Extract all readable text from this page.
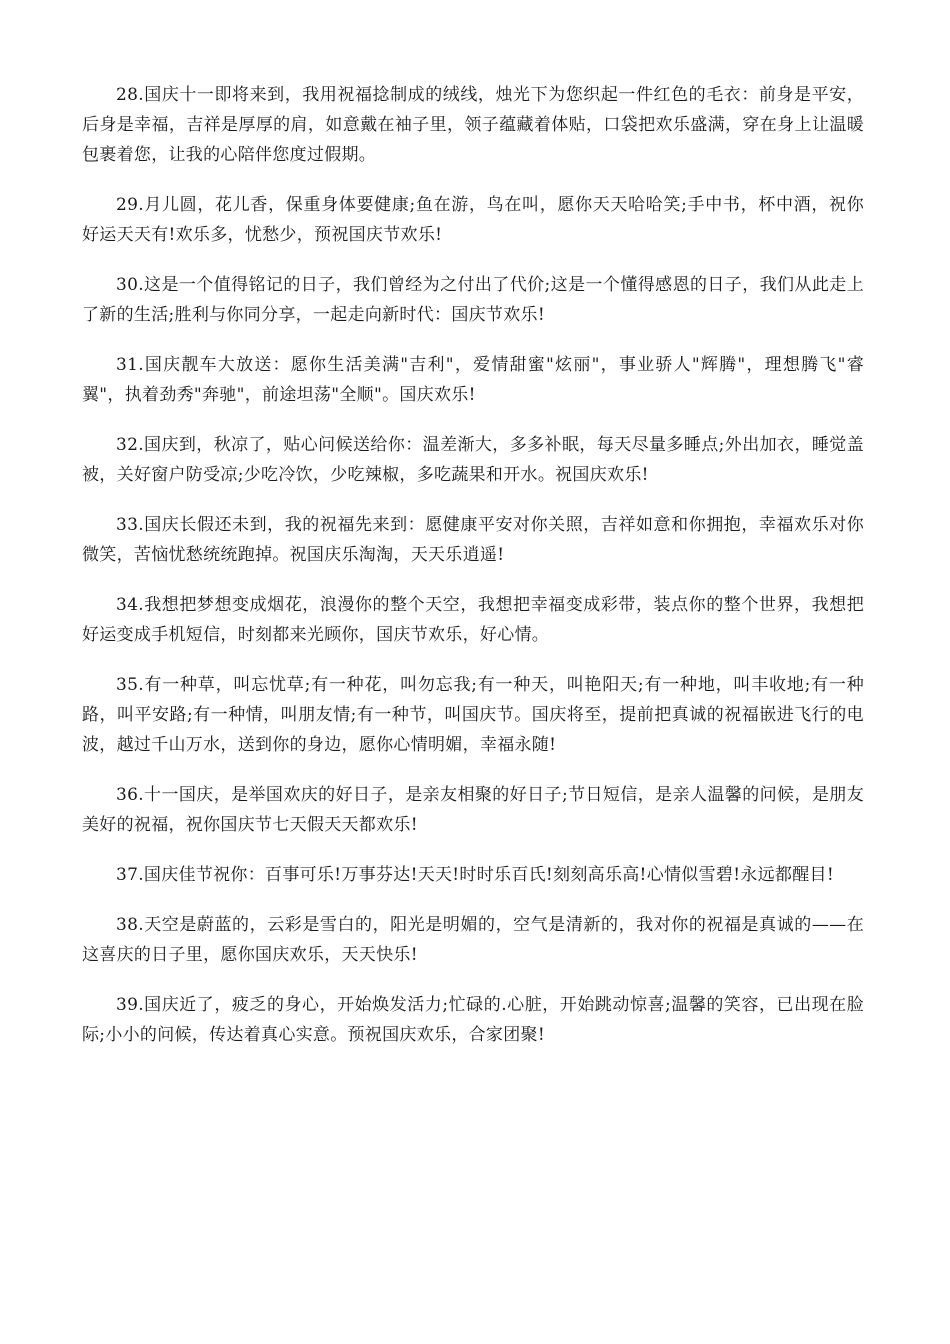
28.国庆十一即将来到，我用祝福捻制成的绒线，烛光下为您织起一件红色的毛衣：前身是平安，后身是幸福，吉祥是厚厚的肩，如意戴在袖子里，领子蕴藏着体贴，口袋把欢乐盛满，穿在身上让温暖包裹着您，让我的心陪伴您度过假期。

29.月儿圆，花儿香，保重身体要健康;鱼在游，鸟在叫，愿你天天哈哈笑;手中书，杯中酒，祝你好运天天有!欢乐多，忧愁少，预祝国庆节欢乐!

30.这是一个值得铭记的日子，我们曾经为之付出了代价;这是一个懂得感恩的日子，我们从此走上了新的生活;胜利与你同分享，一起走向新时代：国庆节欢乐!

31.国庆靓车大放送：愿你生活美满"吉利"，爱情甜蜜"炫丽"，事业骄人"辉腾"，理想腾飞"睿翼"，执着劲秀"奔驰"，前途坦荡"全顺"。国庆欢乐!

32.国庆到，秋凉了，贴心问候送给你：温差渐大，多多补眠，每天尽量多睡点;外出加衣，睡觉盖被，关好窗户防受凉;少吃冷饮，少吃辣椒，多吃蔬果和开水。祝国庆欢乐!

33.国庆长假还未到，我的祝福先来到：愿健康平安对你关照，吉祥如意和你拥抱，幸福欢乐对你微笑，苦恼忧愁统统跑掉。祝国庆乐淘淘，天天乐逍遥!

34.我想把梦想变成烟花，浪漫你的整个天空，我想把幸福变成彩带，装点你的整个世界，我想把好运变成手机短信，时刻都来光顾你，国庆节欢乐，好心情。

35.有一种草，叫忘忧草;有一种花，叫勿忘我;有一种天，叫艳阳天;有一种地，叫丰收地;有一种路，叫平安路;有一种情，叫朋友情;有一种节，叫国庆节。国庆将至，提前把真诚的祝福嵌进飞行的电波，越过千山万水，送到你的身边，愿你心情明媚，幸福永随!

36.十一国庆，是举国欢庆的好日子，是亲友相聚的好日子;节日短信，是亲人温馨的问候，是朋友美好的祝福，祝你国庆节七天假天天都欢乐!

37.国庆佳节祝你：百事可乐!万事芬达!天天!时时乐百氏!刻刻高乐高!心情似雪碧!永远都醒目!

38.天空是蔚蓝的，云彩是雪白的，阳光是明媚的，空气是清新的，我对你的祝福是真诚的——在这喜庆的日子里，愿你国庆欢乐，天天快乐!

39.国庆近了，疲乏的身心，开始焕发活力;忙碌的.心脏，开始跳动惊喜;温馨的笑容，已出现在脸际;小小的问候，传达着真心实意。预祝国庆欢乐，合家团聚!
